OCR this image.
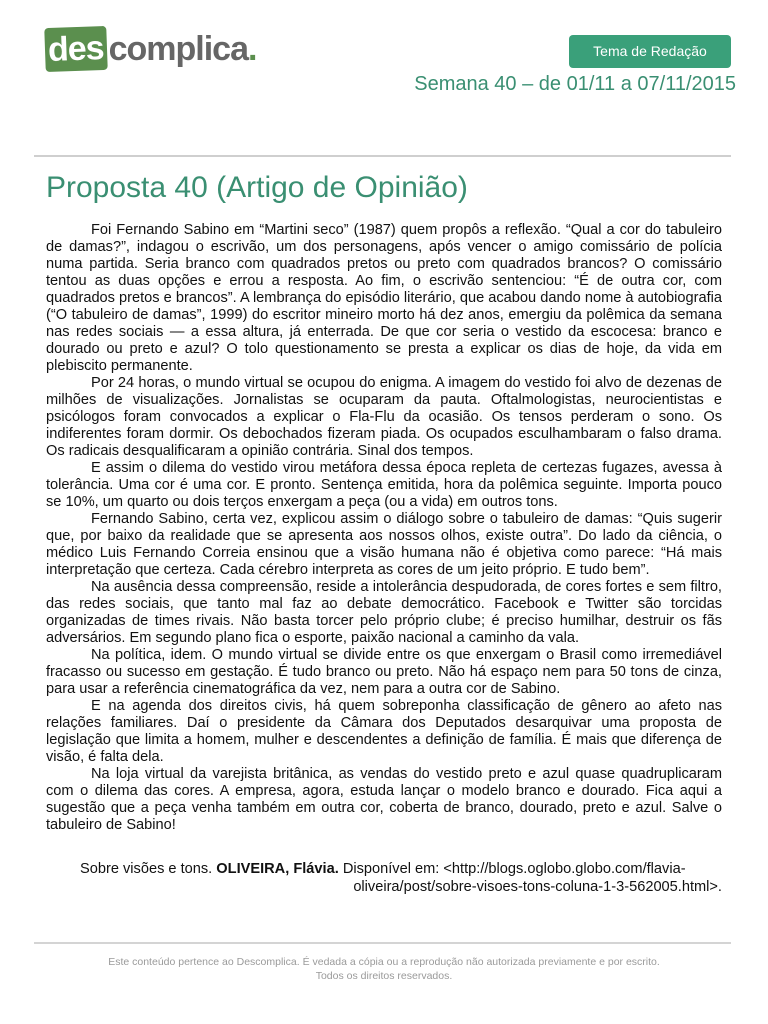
des complica.	Tema de Redação
Semana 40 – de 01/11 a 07/11/2015
Proposta 40 (Artigo de Opinião)

Foi Fernando Sabino em “Martini seco” (1987) quem propôs a reflexão. “Qual a cor do tabuleiro de damas?”, indagou o escrivão, um dos personagens, após vencer o amigo comissário de polícia numa partida. Seria branco com quadrados pretos ou preto com quadrados brancos? O comissário tentou as duas opções e errou a resposta. Ao fim, o escrivão sentenciou: “É de outra cor, com quadrados pretos e brancos”. A lembrança do episódio literário, que acabou dando nome à autobiografia (“O tabuleiro de damas”, 1999) do escritor mineiro morto há dez anos, emergiu da polêmica da semana nas redes sociais — a essa altura, já enterrada. De que cor seria o vestido da escocesa: branco e dourado ou preto e azul? O tolo questionamento se presta a explicar os dias de hoje, da vida em plebiscito permanente.

Por 24 horas, o mundo virtual se ocupou do enigma. A imagem do vestido foi alvo de dezenas de milhões de visualizações. Jornalistas se ocuparam da pauta. Oftalmologistas, neurocientistas e psicólogos foram convocados a explicar o Fla-Flu da ocasião. Os tensos perderam o sono. Os indiferentes foram dormir. Os debochados fizeram piada. Os ocupados esculhambaram o falso drama. Os radicais desqualificaram a opinião contrária. Sinal dos tempos.

E assim o dilema do vestido virou metáfora dessa época repleta de certezas fugazes, avessa à tolerância. Uma cor é uma cor. E pronto. Sentença emitida, hora da polêmica seguinte. Importa pouco se 10%, um quarto ou dois terços enxergam a peça (ou a vida) em outros tons.

Fernando Sabino, certa vez, explicou assim o diálogo sobre o tabuleiro de damas: “Quis sugerir que, por baixo da realidade que se apresenta aos nossos olhos, existe outra”. Do lado da ciência, o médico Luis Fernando Correia ensinou que a visão humana não é objetiva como parece: “Há mais interpretação que certeza. Cada cérebro interpreta as cores de um jeito próprio. E tudo bem”.

Na ausência dessa compreensão, reside a intolerância despudorada, de cores fortes e sem filtro, das redes sociais, que tanto mal faz ao debate democrático. Facebook e Twitter são torcidas organizadas de times rivais. Não basta torcer pelo próprio clube; é preciso humilhar, destruir os fãs adversários. Em segundo plano fica o esporte, paixão nacional a caminho da vala.

Na política, idem. O mundo virtual se divide entre os que enxergam o Brasil como irremediável fracasso ou sucesso em gestação. É tudo branco ou preto. Não há espaço nem para 50 tons de cinza, para usar a referência cinematográfica da vez, nem para a outra cor de Sabino.

E na agenda dos direitos civis, há quem sobreponha classificação de gênero ao afeto nas relações familiares. Daí o presidente da Câmara dos Deputados desarquivar uma proposta de legislação que limita a homem, mulher e descendentes a definição de família. É mais que diferença de visão, é falta dela.

Na loja virtual da varejista britânica, as vendas do vestido preto e azul quase quadruplicaram com o dilema das cores. A empresa, agora, estuda lançar o modelo branco e dourado. Fica aqui a sugestão que a peça venha também em outra cor, coberta de branco, dourado, preto e azul. Salve o tabuleiro de Sabino!

Sobre visões e tons. OLIVEIRA, Flávia. Disponível em: <http://blogs.oglobo.globo.com/flavia-
oliveira/post/sobre-visoes-tons-coluna-1-3-562005.html>.
Este conteúdo pertence ao Descomplica. É vedada a cópia ou a reprodução não autorizada previamente e por escrito.
Todos os direitos reservados.
